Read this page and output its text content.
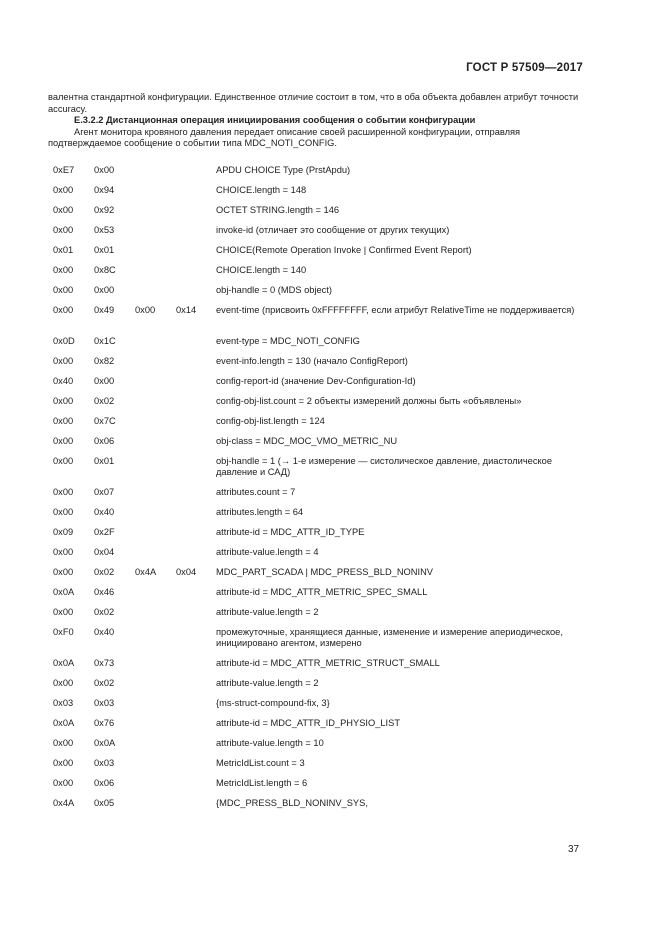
ГОСТ Р 57509—2017

валентна стандартной конфигурации. Единственное отличие состоит в том, что в оба объекта добавлен атрибут точности accuracy.

E.3.2.2 Дистанционная операция инициирования сообщения о событии конфигурации

Агент монитора кровяного давления передает описание своей расширенной конфигурации, отправляя подтверждаемое сообщение о событии типа MDC_NOTI_CONFIG.

0xE7 0x00	APDU CHOICE Type (PrstApdu)
0x00 0x94	CHOICE.length = 148
0x00 0x92	OCTET STRING.length = 146
0x00 0x53	invoke-id (отличает это сообщение от других текущих)
0x01 0x01	CHOICE(Remote Operation Invoke | Confirmed Event Report)
0x00 0x8C	CHOICE.length = 140
0x00 0x00	obj-handle = 0 (MDS object)
0x00 0x49 0x00 0x14 event-time (присвоить 0xFFFFFFFF, если атрибут RelativeTime не поддерживается)
0x0D 0x1C	event-type = MDC_NOTI_CONFIG
0x00 0x82	event-info.length = 130 (начало ConfigReport)
0x40 0x00	config-report-id (значение Dev-Configuration-Id)
0x00 0x02	config-obj-list.count = 2 объекты измерений должны быть «объявлены»
0x00 0x7C	config-obj-list.length = 124
0x00 0x06	obj-class = MDC_MOC_VMO_METRIC_NU
0x00 0x01	obj-handle = 1 (→ 1-е измерение — систолическое давление, диастолическое давление и САД)
0x00 0x07	attributes.count = 7
0x00 0x40	attributes.length = 64
0x09 0x2F	attribute-id = MDC_ATTR_ID_TYPE
0x00 0x04	attribute-value.length = 4
0x00 0x02 0x4A 0x04 MDC_PART_SCADA | MDC_PRESS_BLD_NONINV
0x0A 0x46	attribute-id = MDC_ATTR_METRIC_SPEC_SMALL
0x00 0x02	attribute-value.length = 2
0xF0 0x40	промежуточные, хранящиеся данные, изменение и измерение апериодическое, инициировано агентом, измерено
0x0A 0x73	attribute-id = MDC_ATTR_METRIC_STRUCT_SMALL
0x00 0x02	attribute-value.length = 2
0x03 0x03	{ms-struct-compound-fix, 3}
0x0A 0x76	attribute-id = MDC_ATTR_ID_PHYSIO_LIST
0x00 0x0A	attribute-value.length = 10
0x00 0x03	MetricIdList.count = 3
0x00 0x06	MetricIdList.length = 6
0x4A 0x05	{MDC_PRESS_BLD_NONINV_SYS,
37
